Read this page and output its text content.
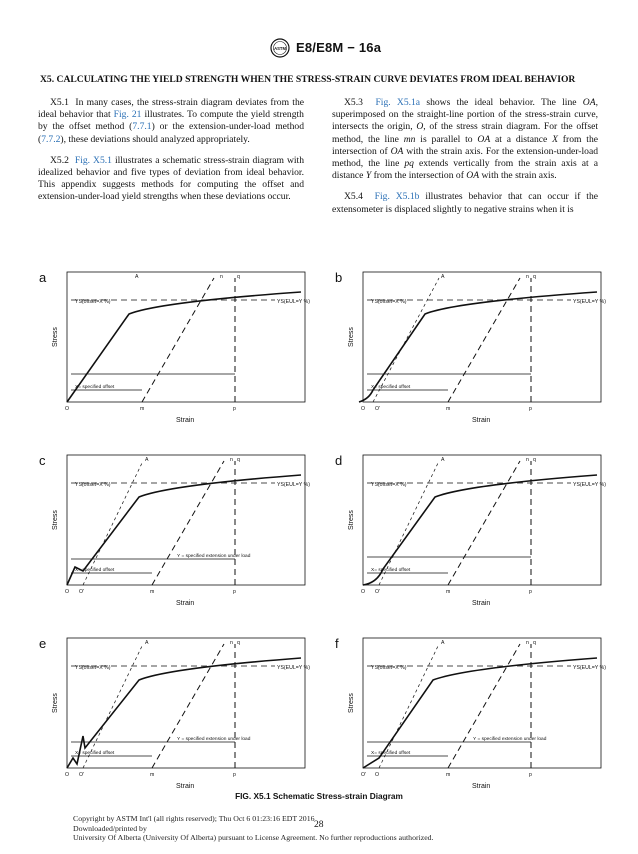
ASTM E8/E8M − 16a
X5. CALCULATING THE YIELD STRENGTH WHEN THE STRESS-STRAIN CURVE DEVIATES FROM IDEAL BEHAVIOR

X5.1 In many cases, the stress-strain diagram deviates from the ideal behavior that Fig. 21 illustrates. To compute the yield strength by the offset method (7.7.1) or the extension-under-load method (7.7.2), these deviations should analyzed appropriately.

X5.2 Fig. X5.1 illustrates a schematic stress-strain diagram with idealized behavior and five types of deviation from ideal behavior. This appendix suggests methods for computing the offset and extension-under-load yield strengths when these deviations occur.

X5.3 Fig. X5.1a shows the ideal behavior. The line OA, superimposed on the straight-line portion of the stress-strain curve, intersects the origin, O, of the stress strain diagram. For the offset method, the line mn is parallel to OA at a distance X from the intersection of OA with the strain axis. For the extension-under-load method, the line pq extends vertically from the strain axis at a distance Y from the intersection of OA with the strain axis.

X5.4 Fig. X5.1b illustrates behavior that can occur if the extensometer is displaced slightly to negative strains when it is

a
YS(offset=X %)	YS(EUL=Y %)
A	n	q
O	m	p
X= specified offset
Strain
Stress
b
YS(offset=X %)	YS(EUL=Y %)
A	n q
O O'	m	p
X= specified offset
Strain
Stress
c
YS(offset=X %)	YS(EUL=Y %)
A	n q
O O'	m	p
X= specified offset
Y = specified extension under load
Strain
Stress
d
YS(offset=X %)	YS(EUL=Y %)
A	n q
O O'	m	p
X= specified offset
Strain
Stress
e
YS(offset=X %)	YS(EUL=Y %)
A	n q
O O'	m	p
X= specified offset
Y = specified extension under load
Strain
Stress
f
YS(offset=X %)	YS(EUL=Y %)
A	n q
O' O	m	p
X= specified offset
Y = specified extension under load
Strain
Stress
FIG. X5.1 Schematic Stress-strain Diagram
Copyright by ASTM Int'l (all rights reserved); Thu Oct 6 01:23:16 EDT 2016
Downloaded/printed by
University Of Alberta (University Of Alberta) pursuant to License Agreement. No further reproductions authorized.
28
